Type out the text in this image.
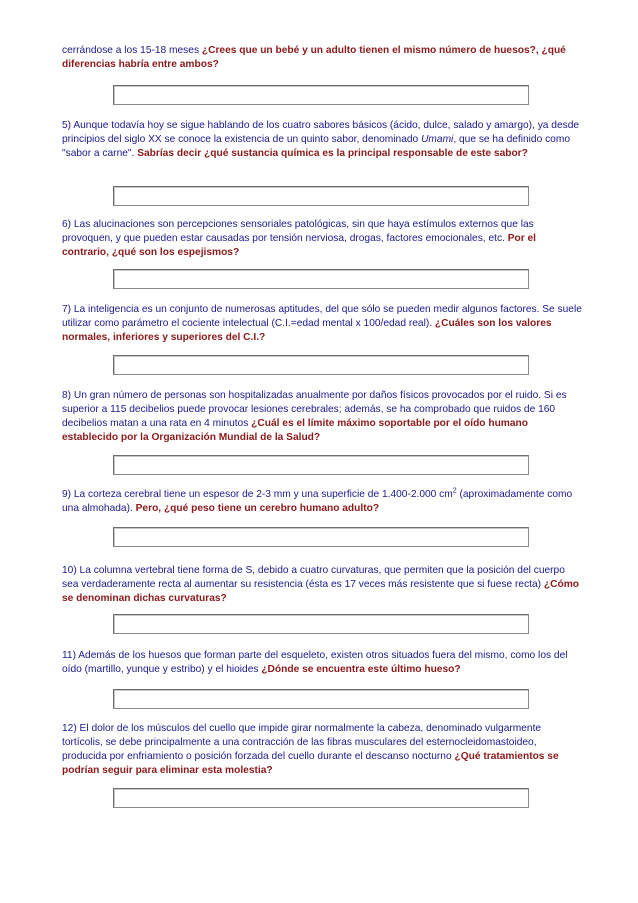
cerrándose a los 15-18 meses ¿Crees que un bebé y un adulto tienen el mismo número de huesos?, ¿qué diferencias habría entre ambos?

5) Aunque todavía hoy se sigue hablando de los cuatro sabores básicos (ácido, dulce, salado y amargo), ya desde principios del siglo XX se conoce la existencia de un quinto sabor, denominado Umami, que se ha definido como "sabor a carne". Sabrías decir ¿qué sustancia química es la principal responsable de este sabor?

6) Las alucinaciones son percepciones sensoriales patológicas, sin que haya estímulos externos que las provoquen, y que pueden estar causadas por tensión nerviosa, drogas, factores emocionales, etc. Por el contrario, ¿qué son los espejismos?

7) La inteligencia es un conjunto de numerosas aptitudes, del que sólo se pueden medir algunos factores. Se suele utilizar como parámetro el cociente intelectual (C.I.=edad mental x 100/edad real). ¿Cuáles son los valores normales, inferiores y superiores del C.I.?

8) Un gran número de personas son hospitalizadas anualmente por daños físicos provocados por el ruido. Si es superior a 115 decibelios puede provocar lesiones cerebrales; además, se ha comprobado que ruidos de 160 decibelios matan a una rata en 4 minutos ¿Cuál es el límite máximo soportable por el oído humano establecido por la Organización Mundial de la Salud?

9) La corteza cerebral tiene un espesor de 2-3 mm y una superficie de 1.400-2.000 $cm^2$ (aproximadamente como una almohada). Pero, ¿qué peso tiene un cerebro humano adulto?

10) La columna vertebral tiene forma de S, debido a cuatro curvaturas, que permiten que la posición del cuerpo sea verdaderamente recta al aumentar su resistencia (ésta es 17 veces más resistente que si fuese recta) ¿Cómo se denominan dichas curvaturas?

11) Además de los huesos que forman parte del esqueleto, existen otros situados fuera del mismo, como los del oído (martillo, yunque y estribo) y el hioides ¿Dónde se encuentra este último hueso?

12) El dolor de los músculos del cuello que impide girar normalmente la cabeza, denominado vulgarmente tortícolis, se debe principalmente a una contracción de las fibras musculares del esternocleidomastoideo, producida por enfriamiento o posición forzada del cuello durante el descanso nocturno ¿Qué tratamientos se podrían seguir para eliminar esta molestia?
